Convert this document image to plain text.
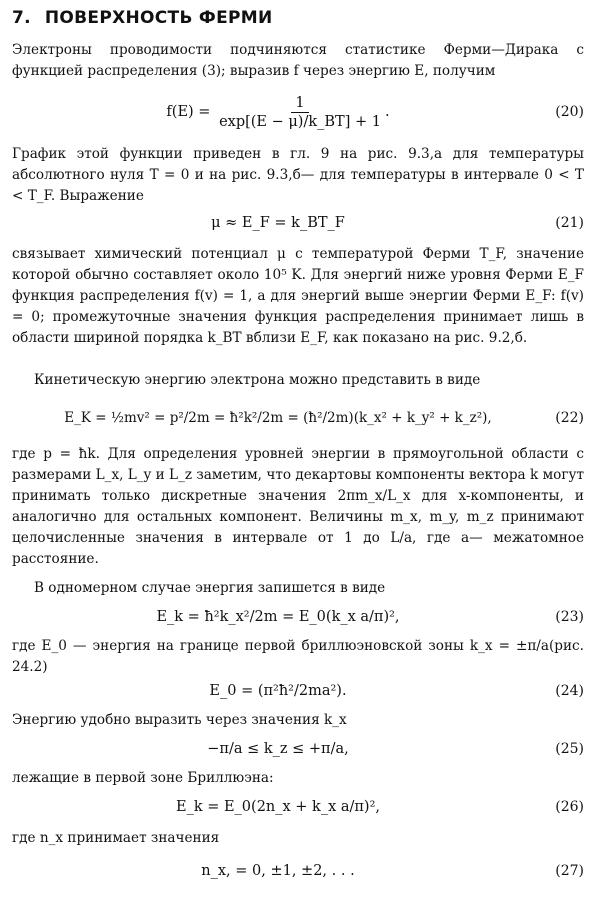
7. ПОВЕРХНОСТЬ ФЕРМИ

Электроны проводимости подчиняются статистике Ферми—Дирака с функцией распределения (3); выразив f через энергию E, получим

$f(E) = \frac{1}{\exp[(E - \mu)/k\_BT] + 1}$ .	(20)

График этой функции приведен в гл. 9 на рис. 9.3,a для температуры абсолютного нуля T = 0 и на рис. 9.3,б— для температуры в интервале 0 < T < T_F. Выражение

μ ≈ E_F = k_BT_F	(21)

связывает химический потенциал μ с температурой Ферми T_F, значение которой обычно составляет около 10⁵ K. Для энергий ниже уровня Ферми E_F функция распределения f(v) = 1, а для энергий выше энергии Ферми E_F: f(v) = 0; промежуточные значения функция распределения принимает лишь в области шириной порядка k_BT вблизи E_F, как показано на рис. 9.2,б.

Кинетическую энергию электрона можно представить в виде

E_K = ½mv² = p²/2m = ħ²k²/2m = (ħ²/2m)(k_x² + k_y² + k_z²),	(22)

где p = ħk. Для определения уровней энергии в прямоугольной области с размерами L_x, L_y и L_z заметим, что декартовы компоненты вектора k могут принимать только дискретные значения 2πm_x/L_x для x-компоненты, и аналогично для остальных компонент. Величины m_x, m_y, m_z принимают целочисленные значения в интервале от 1 до L/a, где a— межатомное расстояние.

В одномерном случае энергия запишется в виде

E_k = ħ²k_x²/2m = E_0(k_x a/π)²,	(23)

где E_0 — энергия на границе первой бриллюэновской зоны k_x = ±π/a(рис. 24.2)

E_0 = (π²ħ²/2ma²).	(24)

Энергию удобно выразить через значения k_x

−π/a ≤ k_z ≤ +π/a,	(25)

лежащие в первой зоне Бриллюэна:

E_k = E_0(2n_x + k_x a/π)²,	(26)

где n_x принимает значения

n_x, = 0, ±1, ±2, . . .	(27)
